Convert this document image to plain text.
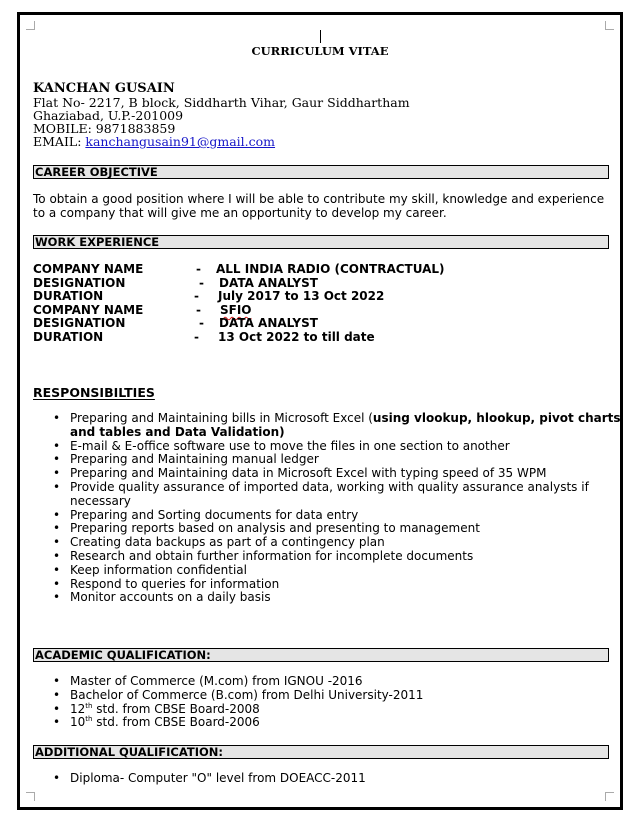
CURRICULUM VITAE
KANCHAN GUSAIN
Flat No- 2217, B block, Siddharth Vihar, Gaur Siddhartham
Ghaziabad, U.P.-201009
MOBILE: 9871883859
EMAIL: kanchangusain91@gmail.com
CAREER OBJECTIVE
To obtain a good position where I will be able to contribute my skill, knowledge and experience to a company that will give me an opportunity to develop my career.
WORK EXPERIENCE
COMPANY NAME	- ALL INDIA RADIO (CONTRACTUAL)
DESIGNATION	- DATA ANALYST
DURATION	- July 2017 to 13 Oct 2022
COMPANY NAME	- SFIO
DESIGNATION	- DATA ANALYST
DURATION	- 13 Oct 2022 to till date
RESPONSIBILTIES
• Preparing and Maintaining bills in Microsoft Excel (using vlookup, hlookup, pivot charts and tables and Data Validation)
• E-mail & E-office software use to move the files in one section to another
• Preparing and Maintaining manual ledger
• Preparing and Maintaining data in Microsoft Excel with typing speed of 35 WPM
• Provide quality assurance of imported data, working with quality assurance analysts if necessary
• Preparing and Sorting documents for data entry
• Preparing reports based on analysis and presenting to management
• Creating data backups as part of a contingency plan
• Research and obtain further information for incomplete documents
• Keep information confidential
• Respond to queries for information
• Monitor accounts on a daily basis
ACADEMIC QUALIFICATION:
• Master of Commerce (M.com) from IGNOU -2016
• Bachelor of Commerce (B.com) from Delhi University-2011
• 12th std. from CBSE Board-2008
• 10th std. from CBSE Board-2006
ADDITIONAL QUALIFICATION:
• Diploma- Computer "O" level from DOEACC-2011
